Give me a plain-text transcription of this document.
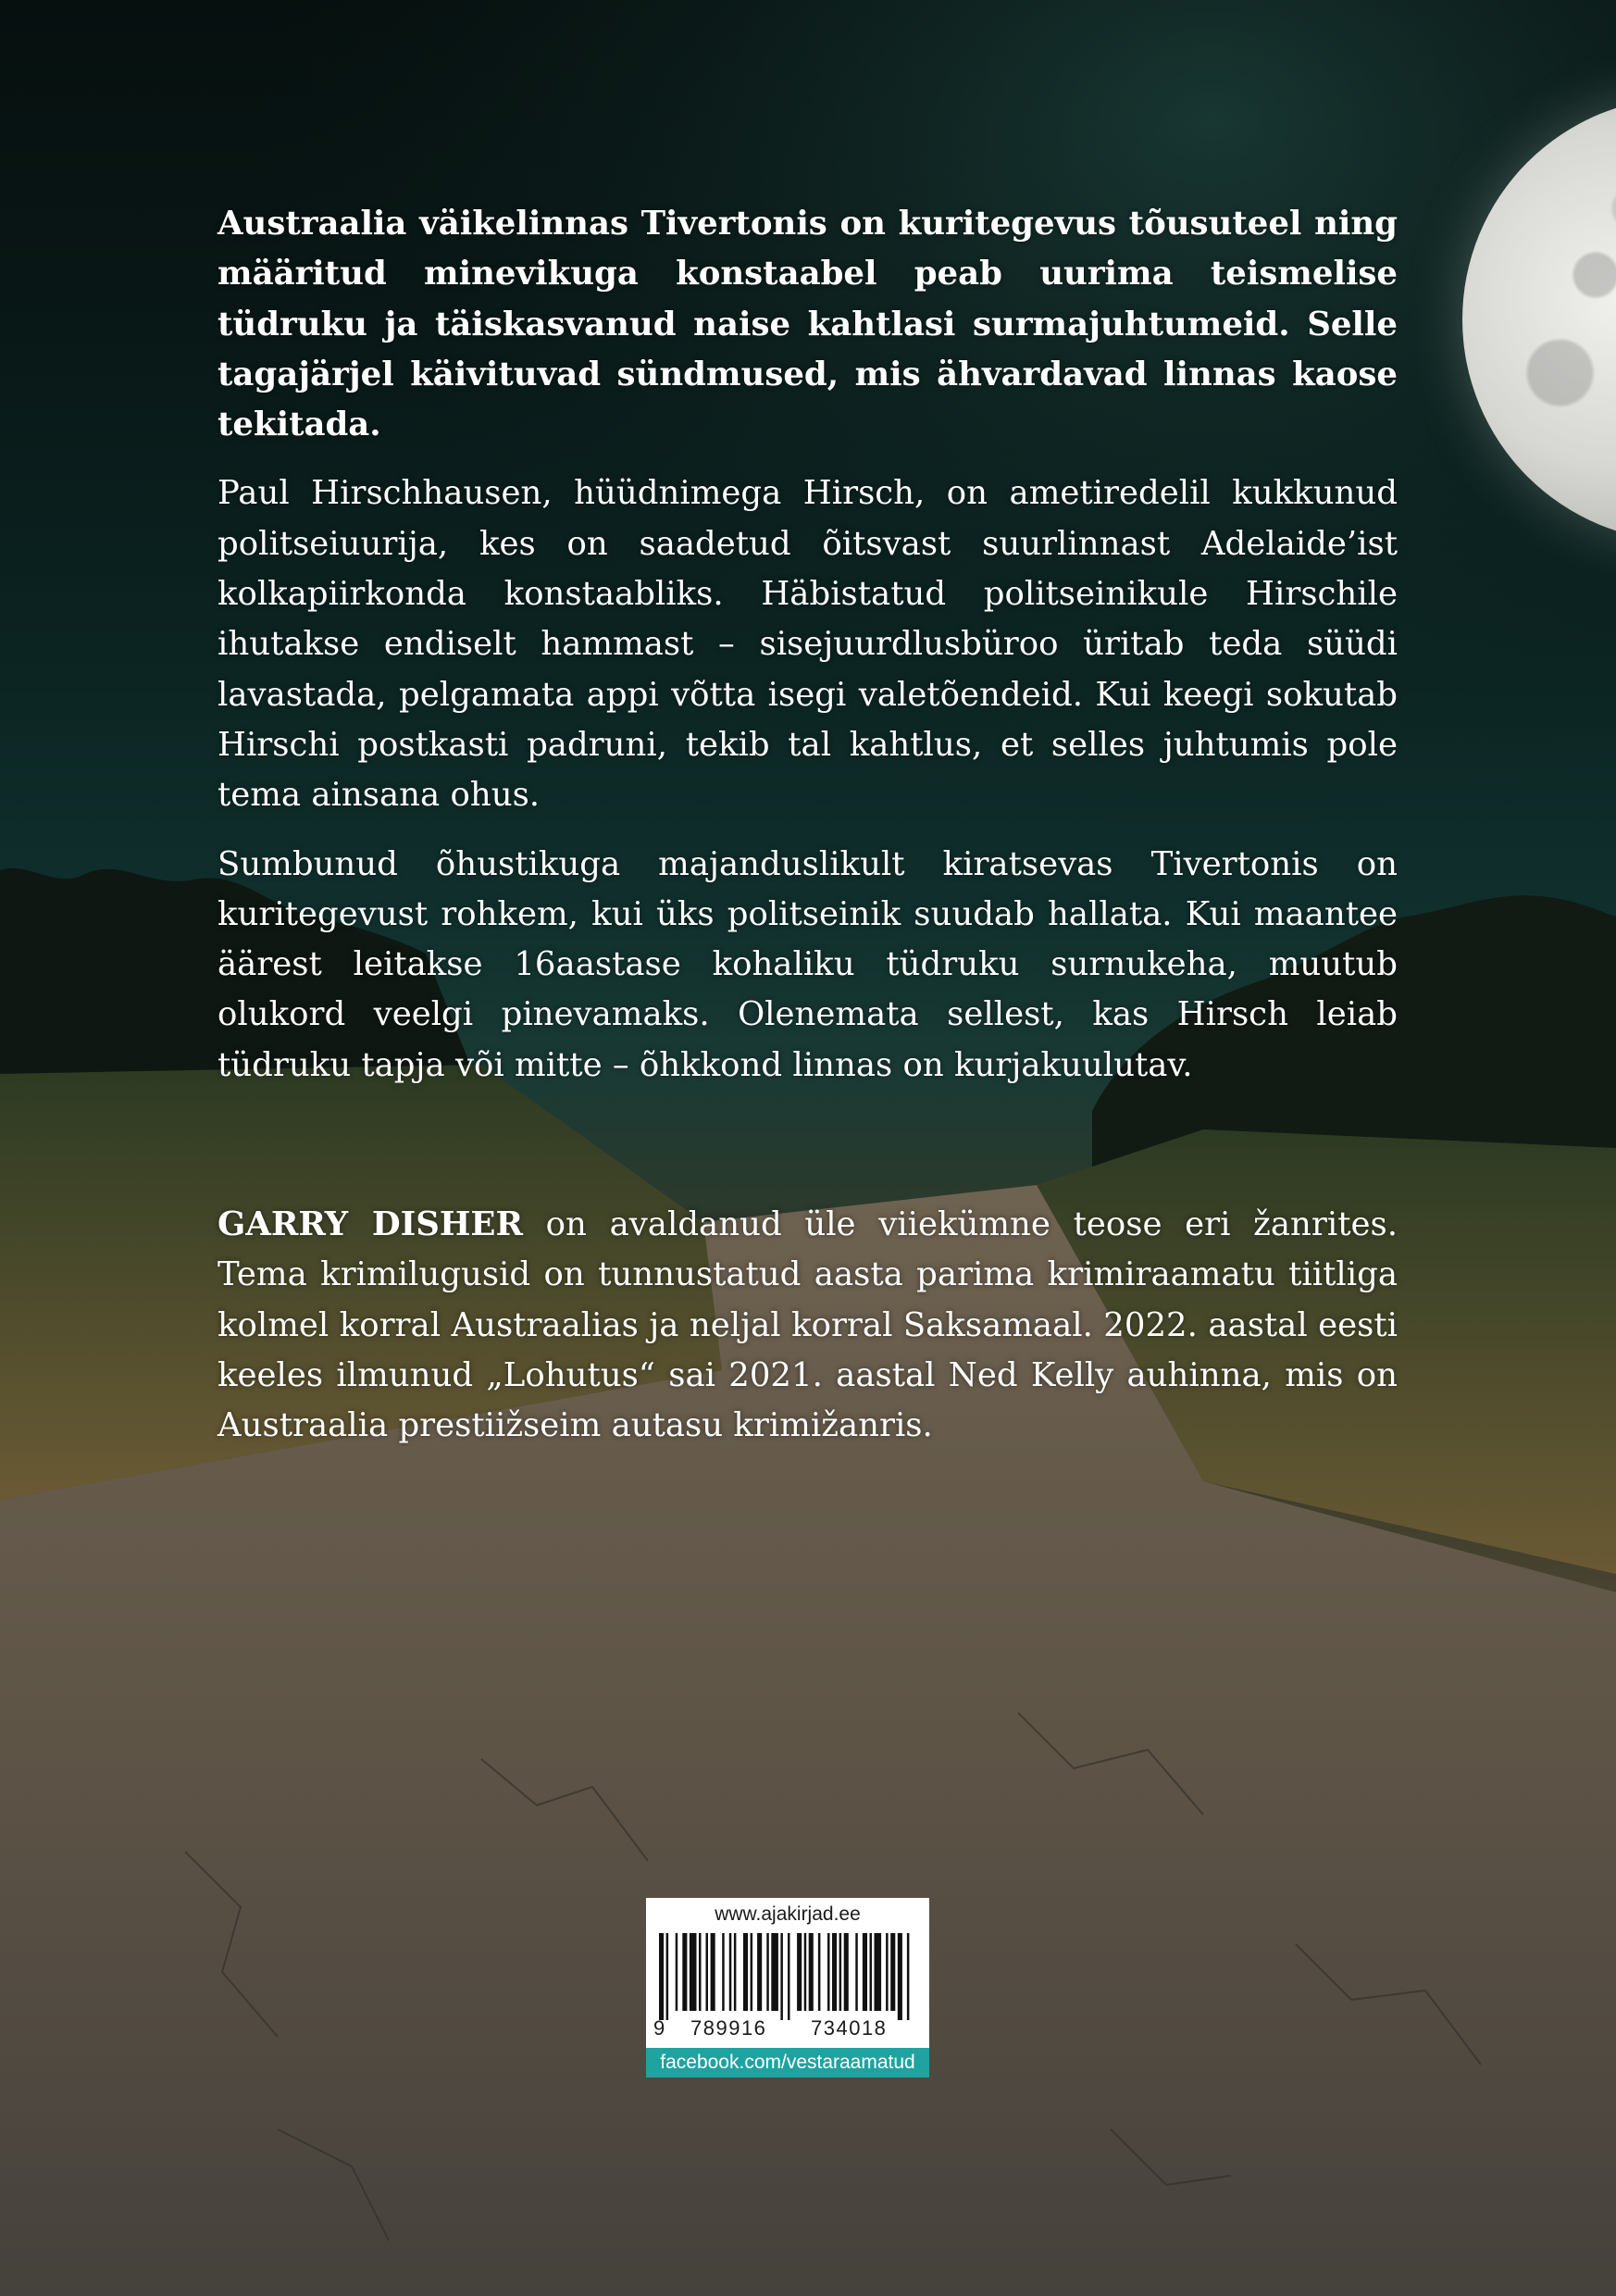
Austraalia väikelinnas Tivertonis on kuritegevus tõusuteel ning määritud minevikuga konstaabel peab uurima teismelise tüdruku ja täiskasvanud naise kahtlasi surmajuhtumeid. Selle tagajärjel käivituvad sündmused, mis ähvardavad linnas kaose tekitada.

Paul Hirschhausen, hüüdnimega Hirsch, on ametiredelil kukkunud politseiuurija, kes on saadetud õitsvast suurlinnast Adelaide’ist kolkapiirkonda konstaabliks. Häbistatud politseinikule Hirschile ihutakse endiselt hammast – sisejuurdlusbüroo üritab teda süüdi lavastada, pelgamata appi võtta isegi valetõendeid. Kui keegi sokutab Hirschi postkasti padruni, tekib tal kahtlus, et selles juhtumis pole tema ainsana ohus.

Sumbunud õhustikuga majanduslikult kiratsevas Tivertonis on kuritegevust rohkem, kui üks politseinik suudab hallata. Kui maantee äärest leitakse 16aastase kohaliku tüdruku surnukeha, muutub olukord veelgi pinevamaks. Olenemata sellest, kas Hirsch leiab tüdruku tapja või mitte – õhkkond linnas on kurjakuulutav.

GARRY DISHER on avaldanud üle viiekümne teose eri žanrites. Tema krimilugusid on tunnustatud aasta parima krimiraamatu tiitliga kolmel korral Austraalias ja neljal korral Saksamaal. 2022. aastal eesti keeles ilmunud „Lohutus“ sai 2021. aastal Ned Kelly auhinna, mis on Austraalia prestiižseim autasu krimižanris.

www.ajakirjad.ee
9 789916 734018
facebook.com/vestaraamatud
